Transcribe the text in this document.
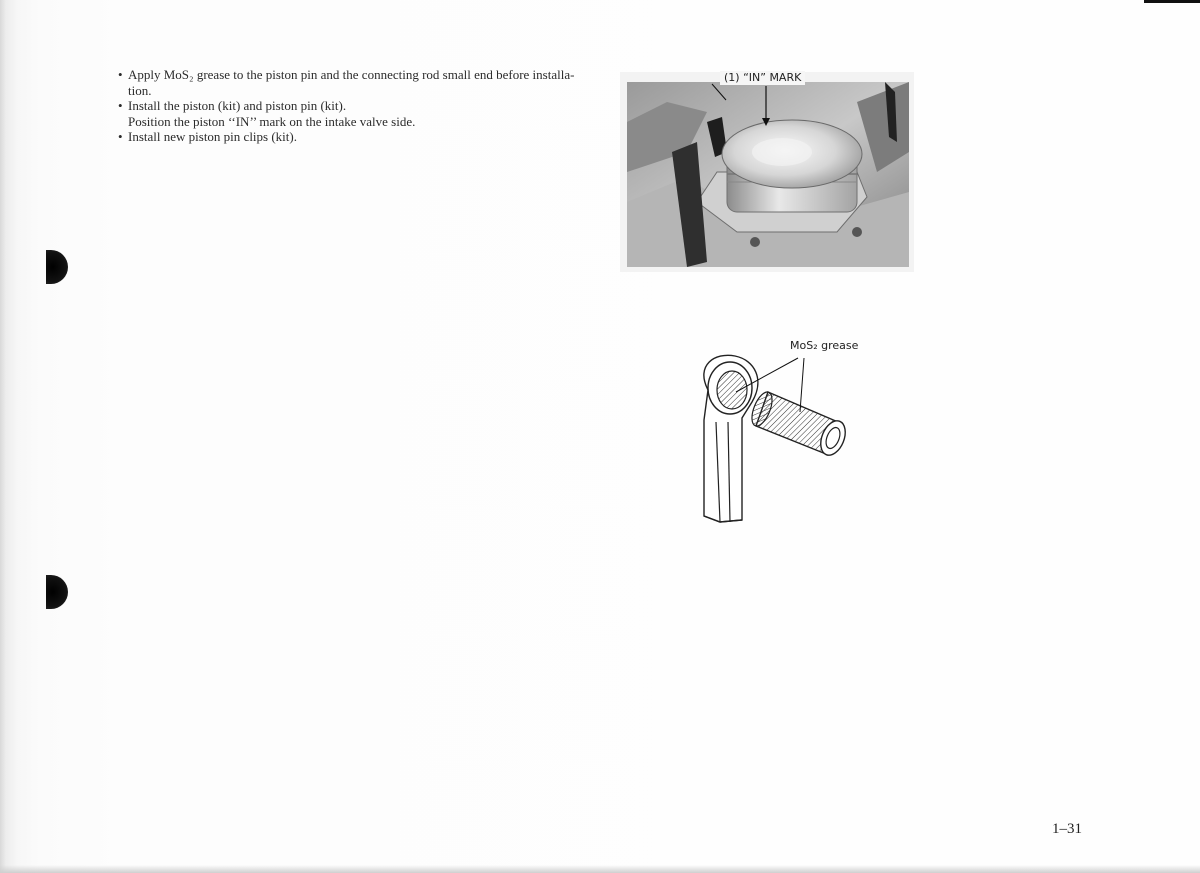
• Apply MoS₂ grease to the piston pin and the connecting rod small end before installa-
tion.
• Install the piston (kit) and piston pin (kit).
Position the piston ‘‘IN’’ mark on the intake valve side.
• Install new piston pin clips (kit).
(1) “IN” MARK
MoS₂ grease
1–31
